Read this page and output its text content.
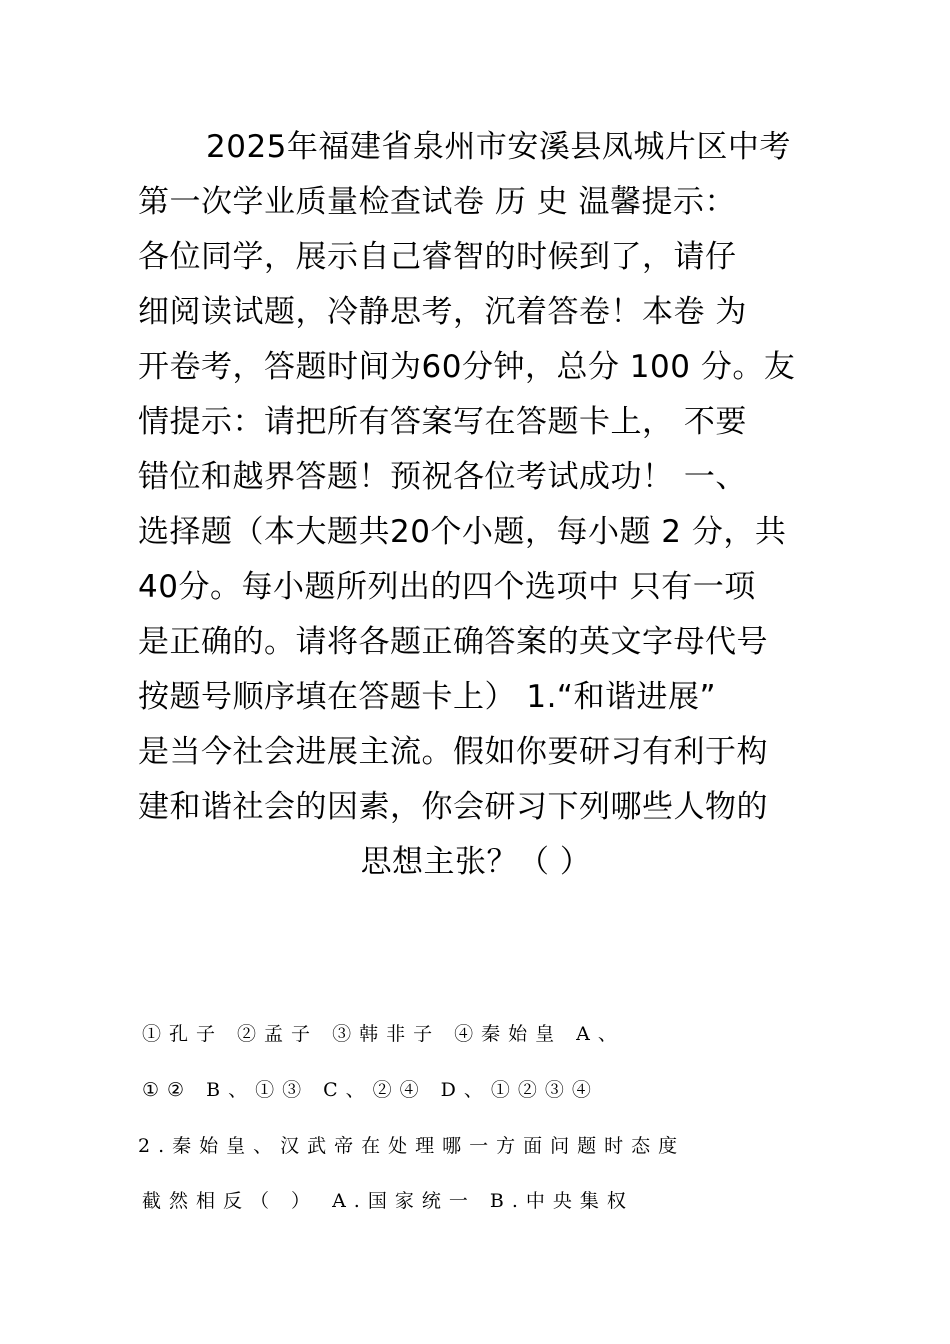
2025年福建省泉州市安溪县凤城片区中考
第一次学业质量检查试卷 历 史 温馨提示：
各位同学，展示自己睿智的时候到了，请仔
细阅读试题，冷静思考，沉着答卷！本卷 为
开卷考，答题时间为60分钟，总分 100 分。友
情提示：请把所有答案写在答题卡上， 不要
错位和越界答题！预祝各位考试成功！ 一、
选择题（本大题共20个小题，每小题 2 分，共
40分。每小题所列出的四个选项中 只有一项
是正确的。请将各题正确答案的英文字母代号
按题号顺序填在答题卡上） 1.“和谐进展”
是当今社会进展主流。假如你要研习有利于构
建和谐社会的因素，你会研习下列哪些人物的
思想主张？（ ）
①孔子 ②孟子 ③韩非子 ④秦始皇 A、
①② B、①③ C、②④ D、①②③④
2.秦始皇、汉武帝在处理哪一方面问题时态度
截然相反（ ） A.国家统一 B.中央集权
